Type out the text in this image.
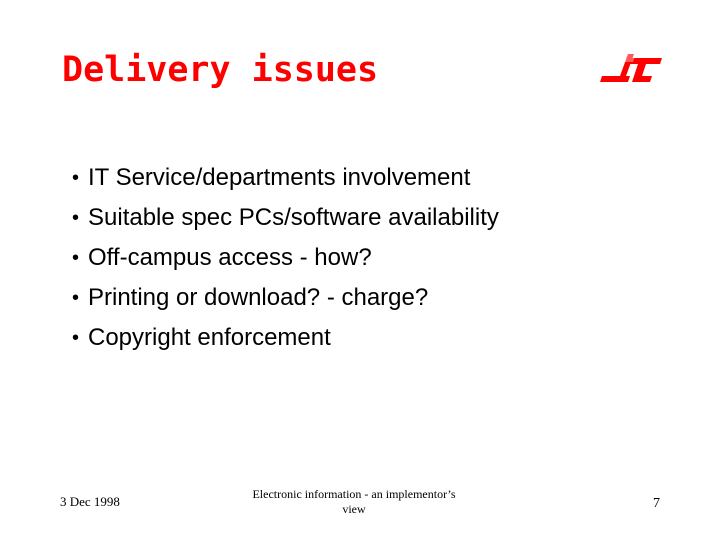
Delivery issues
• IT Service/departments involvement
• Suitable spec PCs/software availability
• Off-campus access - how?
• Printing or download? - charge?
• Copyright enforcement
3 Dec 1998	Electronic information - an implementor’s
view	7
